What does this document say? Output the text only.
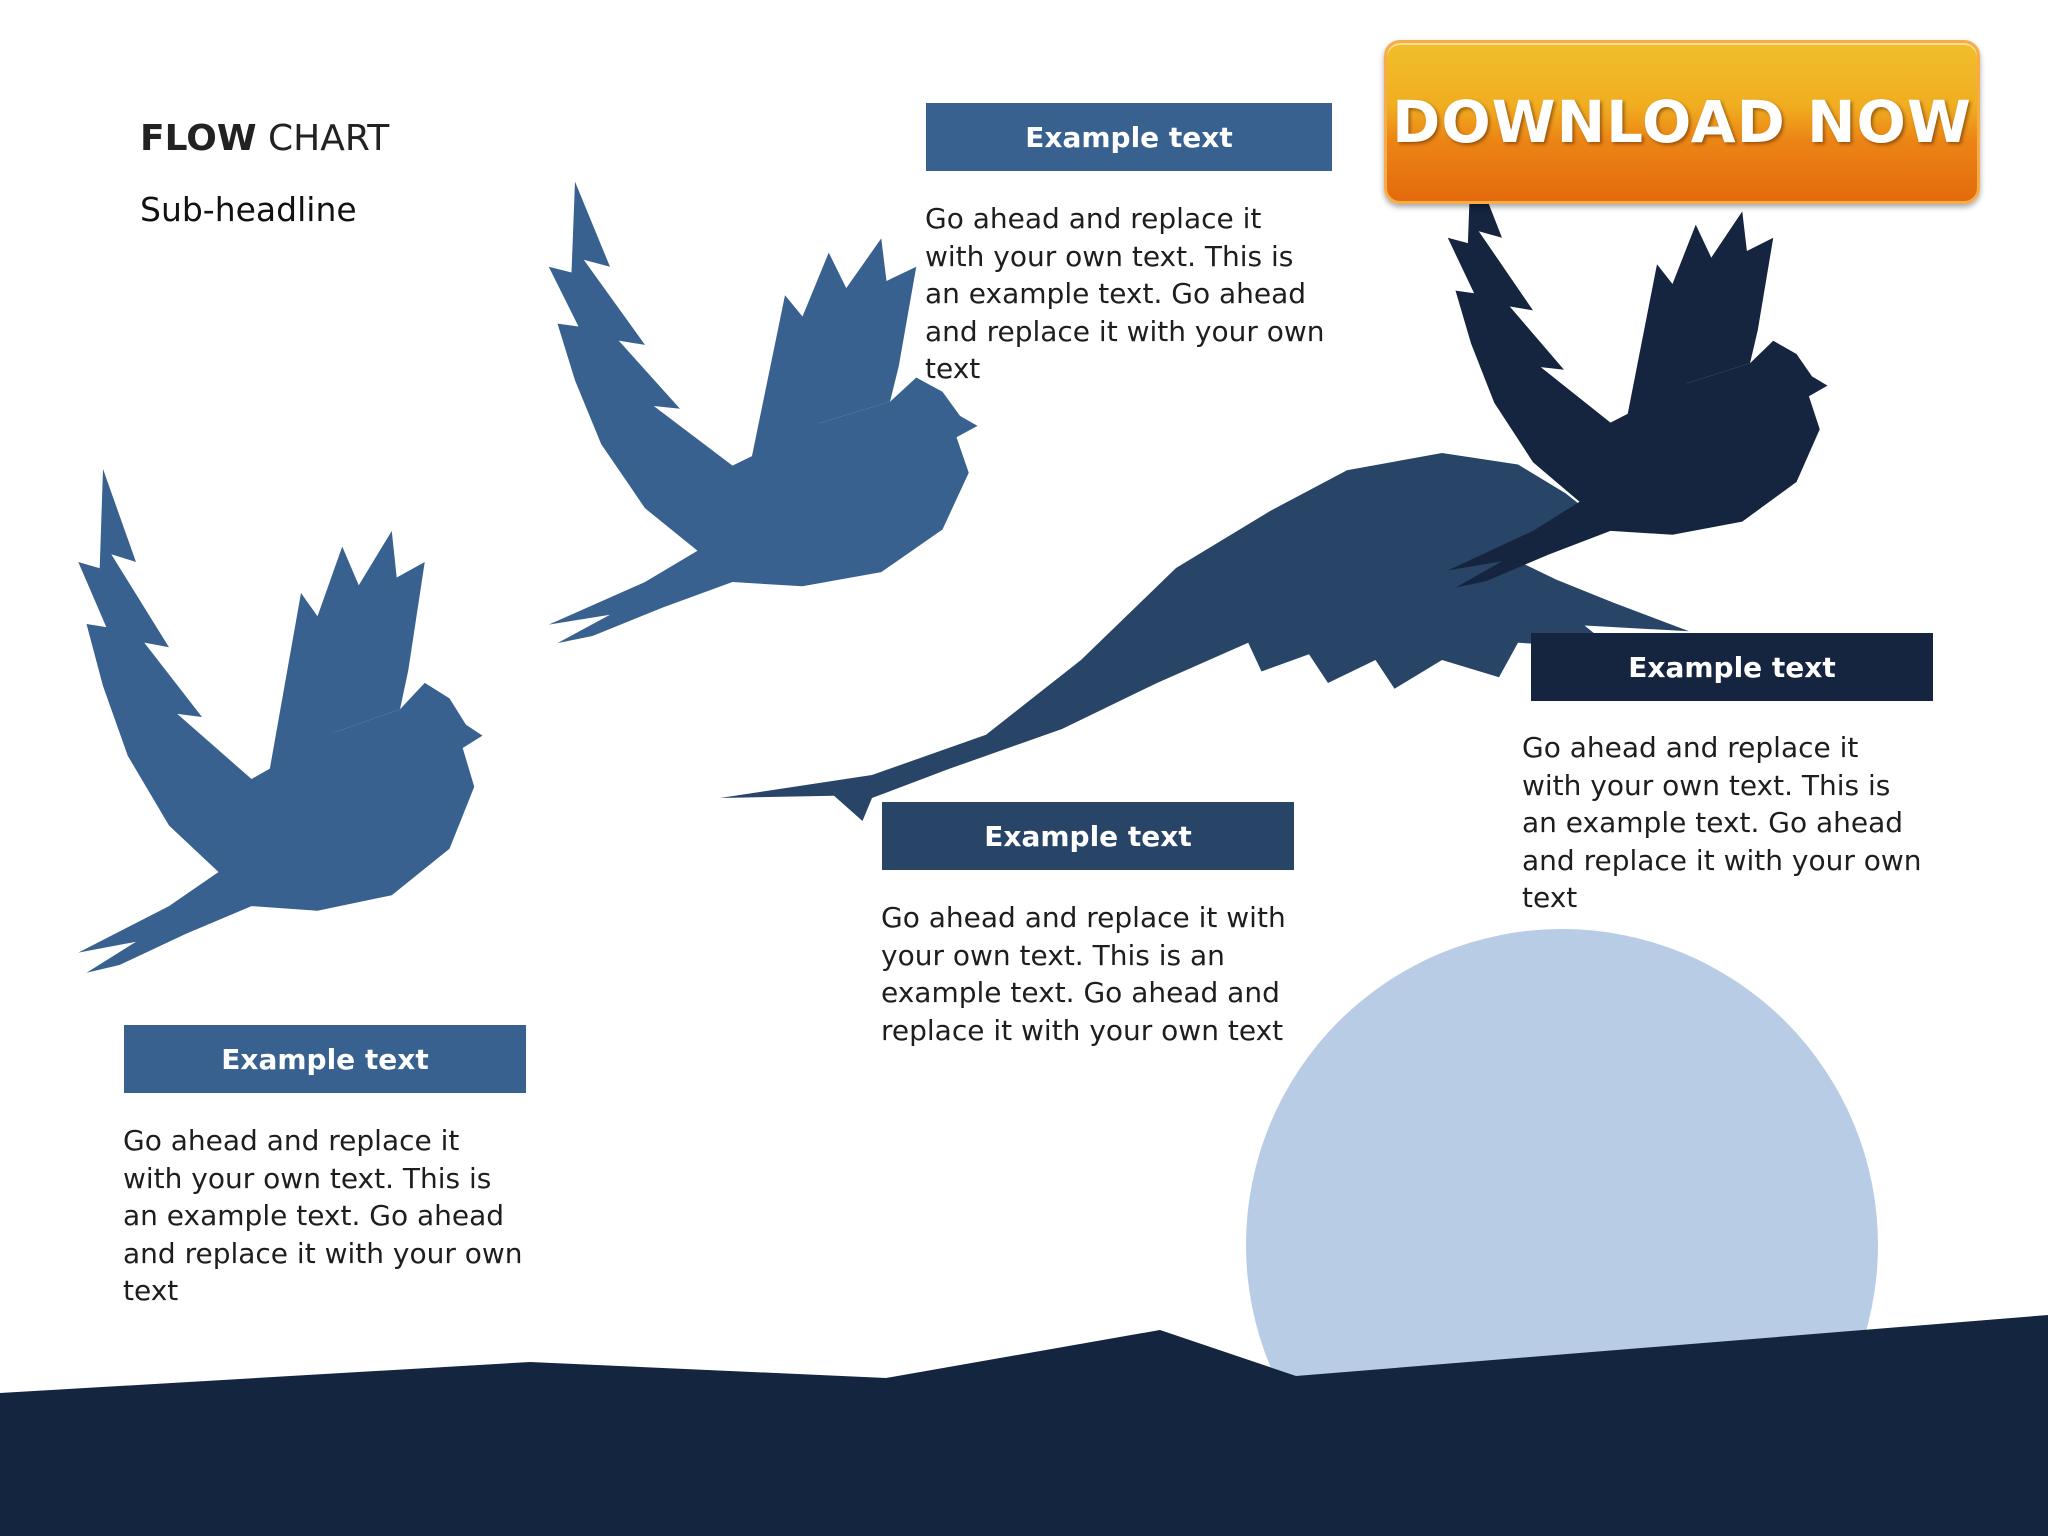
FLOW CHART
Sub-headline
DOWNLOAD NOW
Example text
Go ahead and replace it with your own text. This is an example text. Go ahead and replace it with your own text
Example text
Go ahead and replace it with your own text. This is an example text. Go ahead and replace it with your own text
Example text
Go ahead and replace it with your own text. This is an example text. Go ahead and replace it with your own text
Example text
Go ahead and replace it with your own text. This is an example text. Go ahead and replace it with your own text
